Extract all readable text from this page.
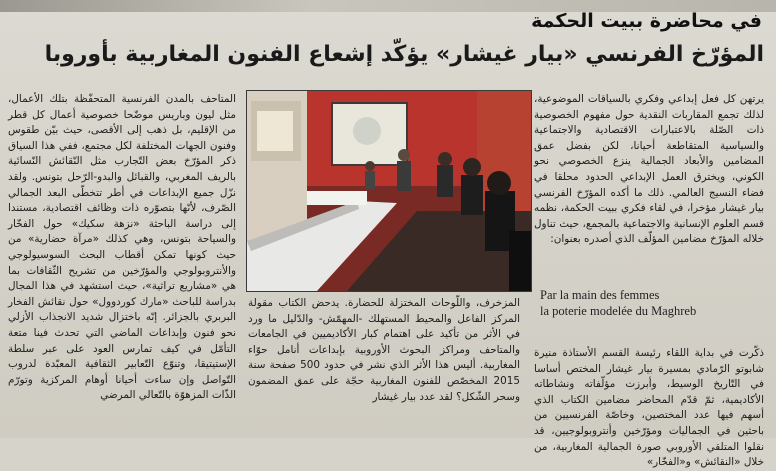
في محاضرة ببيت الحكمة
المؤرّخ الفرنسي «بيار غيشار» يؤكّد إشعاع الفنون المغاربية بأوروبا

يرتهن كل فعل إبداعي وفكري بالسياقات الموضوعية، لذلك تجمع المقاربات النقدية حول مفهوم الخصوصية ذات الصّلة بالاعتبارات الاقتصادية والاجتماعية والسياسية المتقاطعة أحيانا، لكن بفضل عمق المضامين والأبعاد الجمالية ينزع الخصوصي نحو الكوني، ويخترق العمل الإبداعي الحدود محلقا في فضاء النسيج العالمي. ذلك ما أكده المؤرّخ الفرنسي بيار غيشار مؤخرا، في لقاء فكري ببيت الحكمة، نظمه قسم العلوم الإنسانية والاجتماعية بالمجمع، حيث تناول خلاله المؤرّخ مضامين المؤلّف الذي أصدره بعنوان:

Par la main des femmes
la poterie modelée du Maghreb

ذكّرت في بداية اللقاء رئيسة القسم الأستاذة منيرة شابوتو الرّمادي بمسيرة بيار غيشار المختص أساسا في التّاريخ الوسيط، وأبرزت مؤلّفاته ونشاطاته الأكاديمية، ثمّ قدّم المحاضر مضامين الكتاب الذي أسهم فيها عدد المختصين، وخاصّة الفرنسيين من باحثين في الجماليات ومؤرّخين وأنتروبولوجيين، قد نقلوا المتلقي الأوروبي صورة الجمالية المغاربية، من خلال «النقائش» و«الفخّار»

المزخرف، واللّوحات المختزلة للحضارة. يدحض الكتاب مقولة المركز الفاعل والمحيط المستهلك -المهمّش- والدّليل ما ورد في الأثر من تأكيد على اهتمام كبار الأكاديميين في الجامعات والمتاحف ومراكز البحوث الأوروبية بإبداعات أنامل حوّاء المغاربية. أليس هذا الأثر الذي نشر في حدود 500 صفحة سنة 2015 المخصّص للفنون المغاربية حجّة على عمق المضمون وسحر الشّكل؟ لقد عدد بيار غيشار

المتاحف بالمدن الفرنسية المتحفّظة بتلك الأعمال، مثل ليون وباريس موضّحا خصوصية أعمال كل قطر من الإقليم، بل ذهب إلى الأقصى، حيث بيّن طقوس وفنون الجهات المختلفة لكل مجتمع، ففي هذا السياق ذكر المؤرّخ بعض التّجارب مثل النّقائش النّسائية بالريف المغربي، والقبائل والبدو-الرّحل بتونس. ولقد نزّل جميع الإبداعات في أطر تتخطّى البعد الجمالي الصّرف، لأنّها بتصوّره ذات وظائف اقتصادية، مستندا إلى دراسة الباحثة «نزهة سكيك» حول الفخّار والسياحة بتونس، وهي كذلك «مرآة حضارية» من حيث كونها تمكن أقطاب البحث السوسيولوجي والأنتروبولوجي والمؤرّخين من تشريح الثّقافات بما هي «مشاريع تراثية»، حيث استشهد في هذا المجال بدراسة للباحث «مارك كوردوول» حول نقائش الفخار البربري بالجزائر. إنّه باختزال شديد الانجذاب الأزلي نحو فنون وإبداعات الماضي التي تحدث فينا متعة التأمّل في كيف تمارس العود على عبر سلطة الإستيتيقا، وتنوّع التّعابير الثقافية المعبّدة لدروب التّواصل وإن ساءت أحيانا أوهام المركزية وتورّم الذّات المزهوّة بالتّعالي المرضي
